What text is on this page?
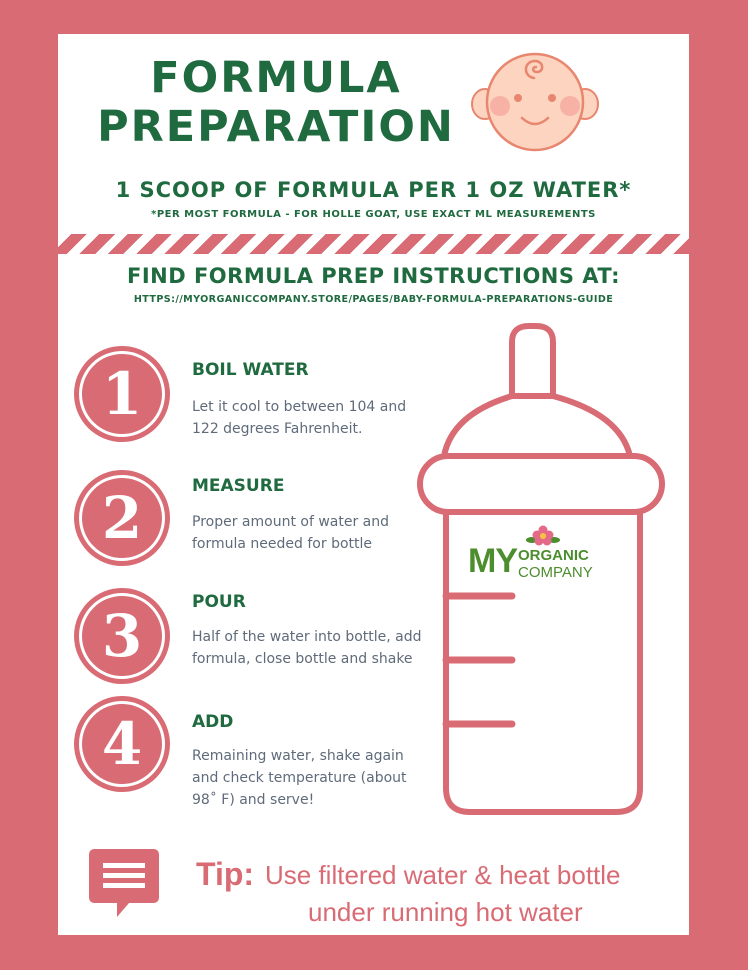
FORMULA
PREPARATION
1 SCOOP OF FORMULA PER 1 OZ WATER*
*PER MOST FORMULA - FOR HOLLE GOAT, USE EXACT ML MEASUREMENTS
FIND FORMULA PREP INSTRUCTIONS AT:
HTTPS://MYORGANICCOMPANY.STORE/PAGES/BABY-FORMULA-PREPARATIONS-GUIDE
1	BOIL WATER

Let it cool to between 104 and 122 degrees Fahrenheit.

2	MEASURE

Proper amount of water and formula needed for bottle

3	POUR

Half of the water into bottle, add formula, close bottle and shake

4	ADD

Remaining water, shake again and check temperature (about 98˚ F) and serve!

MY ORGANIC
COMPANY
Tip: Use filtered water & heat bottle
under running hot water
